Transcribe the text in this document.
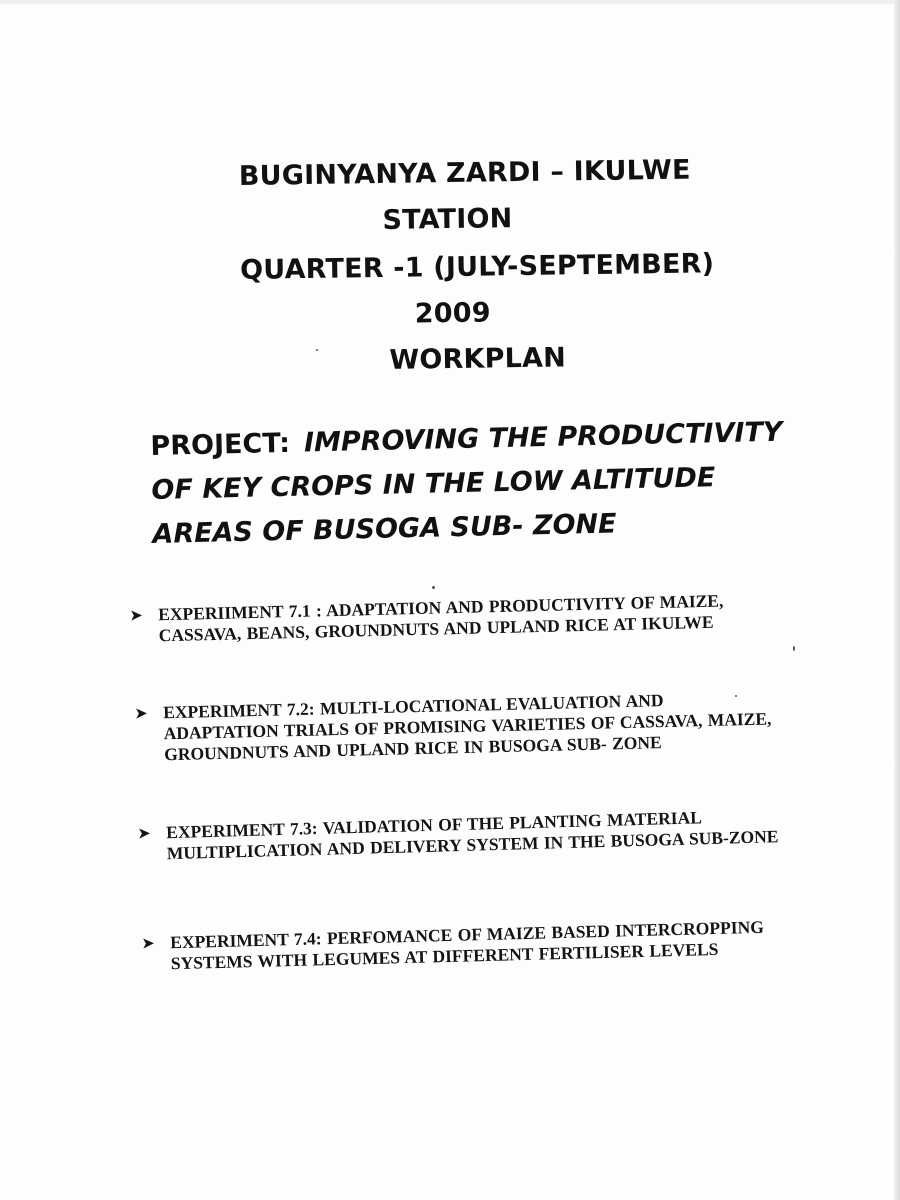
BUGINYANYA ZARDI – IKULWE
STATION
QUARTER -1 (JULY-SEPTEMBER)
2009
WORKPLAN
PROJECT: IMPROVING THE PRODUCTIVITY OF KEY CROPS IN THE LOW ALTITUDE AREAS OF BUSOGA SUB- ZONE
➤ EXPERIIMENT 7.1 : ADAPTATION AND PRODUCTIVITY OF MAIZE, CASSAVA, BEANS, GROUNDNUTS AND UPLAND RICE AT IKULWE
➤ EXPERIMENT 7.2: MULTI-LOCATIONAL EVALUATION AND ADAPTATION TRIALS OF PROMISING VARIETIES OF CASSAVA, MAIZE, GROUNDNUTS AND UPLAND RICE IN BUSOGA SUB- ZONE
➤ EXPERIMENT 7.3: VALIDATION OF THE PLANTING MATERIAL MULTIPLICATION AND DELIVERY SYSTEM IN THE BUSOGA SUB-ZONE
➤ EXPERIMENT 7.4: PERFOMANCE OF MAIZE BASED INTERCROPPING SYSTEMS WITH LEGUMES AT DIFFERENT FERTILISER LEVELS
